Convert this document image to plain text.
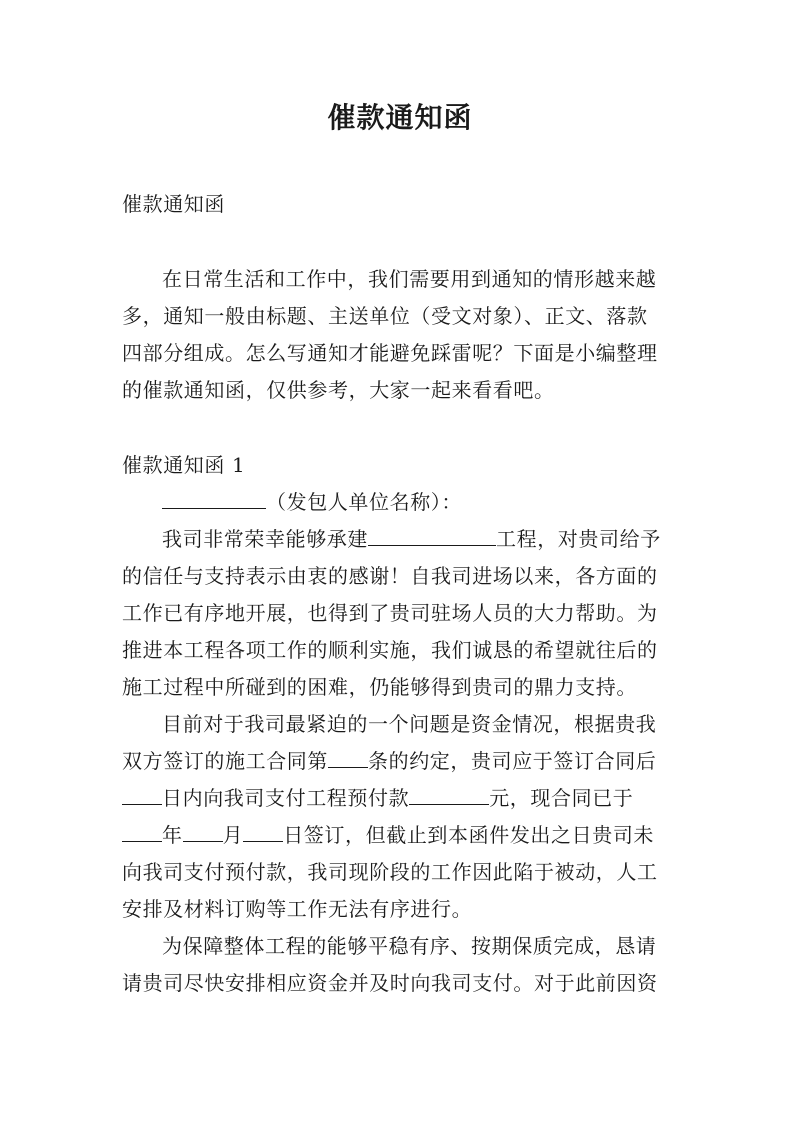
催款通知函

催款通知函

在日常生活和工作中，我们需要用到通知的情形越来越
多，通知一般由标题、主送单位（受文对象）、正文、落款
四部分组成。怎么写通知才能避免踩雷呢？下面是小编整理
的催款通知函，仅供参考，大家一起来看看吧。

催款通知函 1

（发包人单位名称）：
我司非常荣幸能够承建	工程，对贵司给予
的信任与支持表示由衷的感谢！自我司进场以来，各方面的
工作已有序地开展，也得到了贵司驻场人员的大力帮助。为
推进本工程各项工作的顺利实施，我们诚恳的希望就往后的
施工过程中所碰到的困难，仍能够得到贵司的鼎力支持。
目前对于我司最紧迫的一个问题是资金情况，根据贵我
双方签订的施工合同第 条的约定，贵司应于签订合同后
日内向我司支付工程预付款	元，现合同已于
年 月 日签订，但截止到本函件发出之日贵司未
向我司支付预付款，我司现阶段的工作因此陷于被动，人工
安排及材料订购等工作无法有序进行。
为保障整体工程的能够平稳有序、按期保质完成，恳请
请贵司尽快安排相应资金并及时向我司支付。对于此前因资
